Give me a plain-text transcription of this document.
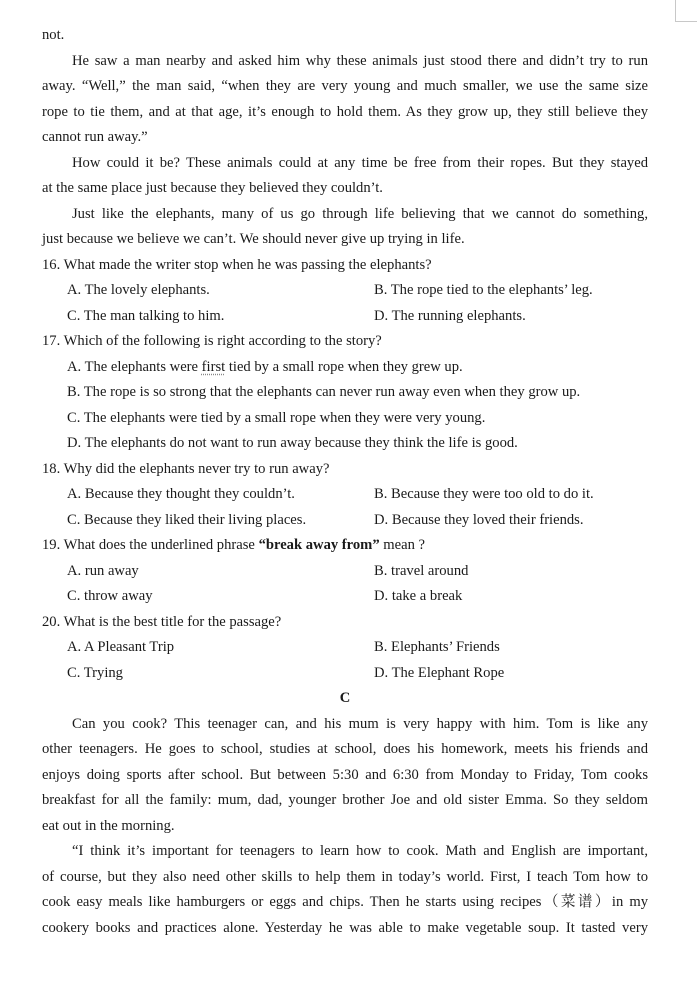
not.
He saw a man nearby and asked him why these animals just stood there and didn’t try to run
away. “Well,” the man said, “when they are very young and much smaller, we use the same size
rope to tie them, and at that age, it’s enough to hold them. As they grow up, they still believe they
cannot run away.”
How could it be? These animals could at any time be free from their ropes. But they stayed
at the same place just because they believed they couldn’t.
Just like the elephants, many of us go through life believing that we cannot do something,
just because we believe we can’t. We should never give up trying in life.
16. What made the writer stop when he was passing the elephants?
A. The lovely elephants.	B. The rope tied to the elephants’ leg.
C. The man talking to him.	D. The running elephants.
17. Which of the following is right according to the story?
A. The elephants were first tied by a small rope when they grew up.
B. The rope is so strong that the elephants can never run away even when they grow up.
C. The elephants were tied by a small rope when they were very young.
D. The elephants do not want to run away because they think the life is good.
18. Why did the elephants never try to run away?
A. Because they thought they couldn’t.	B. Because they were too old to do it.
C. Because they liked their living places.	D. Because they loved their friends.
19. What does the underlined phrase “break away from” mean ?
A. run away	B. travel around
C. throw away	D. take a break
20. What is the best title for the passage?
A. A Pleasant Trip	B. Elephants’ Friends
C. Trying	D. The Elephant Rope
C
Can you cook? This teenager can, and his mum is very happy with him. Tom is like any
other teenagers. He goes to school, studies at school, does his homework, meets his friends and
enjoys doing sports after school. But between 5:30 and 6:30 from Monday to Friday, Tom cooks
breakfast for all the family: mum, dad, younger brother Joe and old sister Emma. So they seldom
eat out in the morning.
“I think it’s important for teenagers to learn how to cook. Math and English are important,
of course, but they also need other skills to help them in today’s world. First, I teach Tom how to
cook easy meals like hamburgers or eggs and chips. Then he starts using recipes（菜谱）in my
cookery books and practices alone. Yesterday he was able to make vegetable soup. It tasted very
